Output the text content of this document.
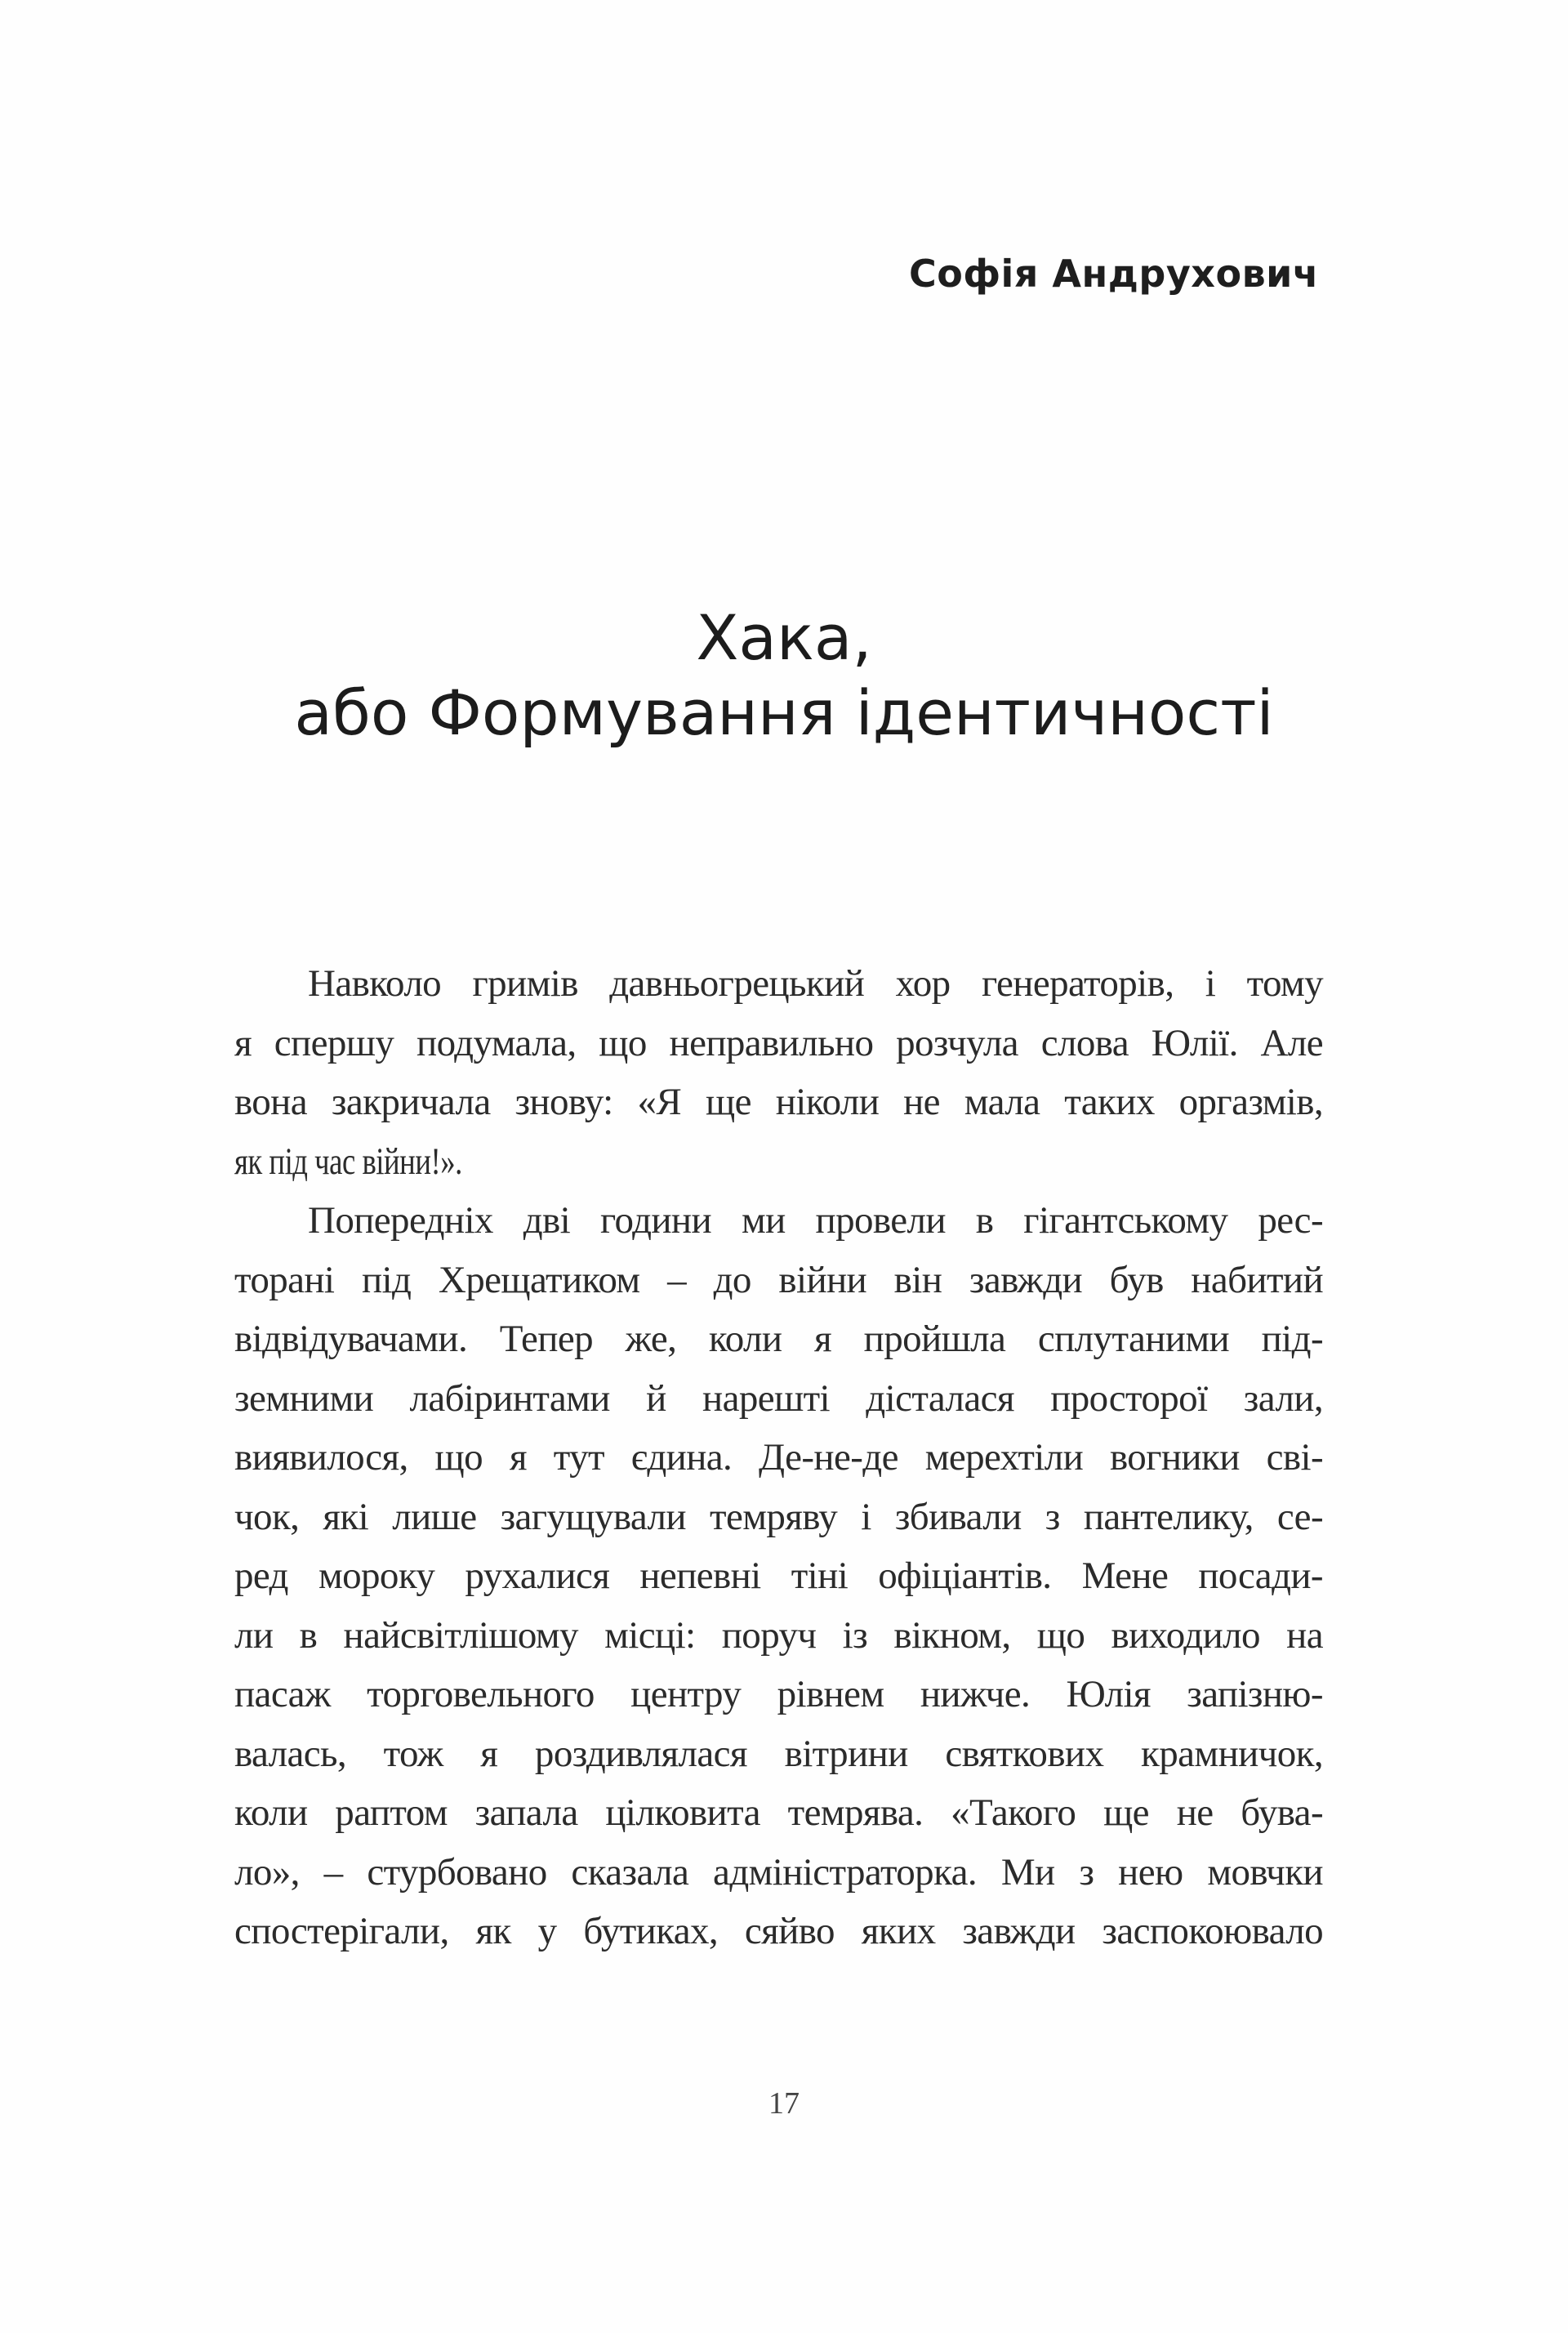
Софія Андрухович
Хака,
або Формування ідентичності
Навколо гримів давньогрецький хор генераторів, і тому
я спершу подумала, що неправильно розчула слова Юлії. Але
вона закричала знову: «Я ще ніколи не мала таких оргазмів,
як під час війни!».
Попередніх дві години ми провели в гігантському рес-
торані під Хрещатиком – до війни він завжди був набитий
відвідувачами. Тепер же, коли я пройшла сплутаними під-
земними лабіринтами й нарешті дісталася просторої зали,
виявилося, що я тут єдина. Де-не-де мерехтіли вогники сві-
чок, які лише загущували темряву і збивали з пантелику, се-
ред мороку рухалися непевні тіні офіціантів. Мене посади-
ли в найсвітлішому місці: поруч із вікном, що виходило на
пасаж торговельного центру рівнем нижче. Юлія запізню-
валась, тож я роздивлялася вітрини святкових крамничок,
коли раптом запала цілковита темрява. «Такого ще не бува-
ло», – стурбовано сказала адміністраторка. Ми з нею мовчки
спостерігали, як у бутиках, сяйво яких завжди заспокоювало
17
